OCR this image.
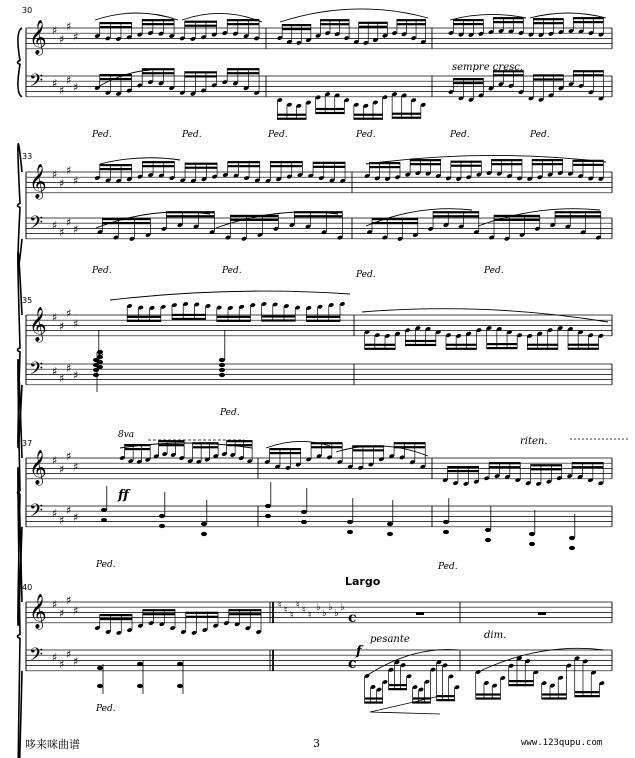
𝄞
𝄢
♯
♯
♯
♯
♯
♯
♯
♯
𝄞
𝄢
♯
♯
♯
♯
♯
♯
♯
♯
𝄞
𝄢
♯
♯
♯
♯
♯
♯
♯
♯
𝄞
𝄢
♯
♯
♯
♯
♯
♯
♯
♯
𝄞
𝄢
♯
♯
♯
♯
♯
♯
♯
♯
♮ ♮ ♮
♮ ♮ ♮
♭
♭
♭
♭
♭
c
c
30
33
35
37
40
sempre cresc.
riten.
Largo
pesante	dim.
8va
ff
f
f
Ped.	Ped.	Ped.	Ped.	Ped.	Ped.
Ped.	Ped.	Ped.	Ped.
Ped.
Ped.	Ped.
Ped.
哆来咪曲谱	3	www.123qupu.com
